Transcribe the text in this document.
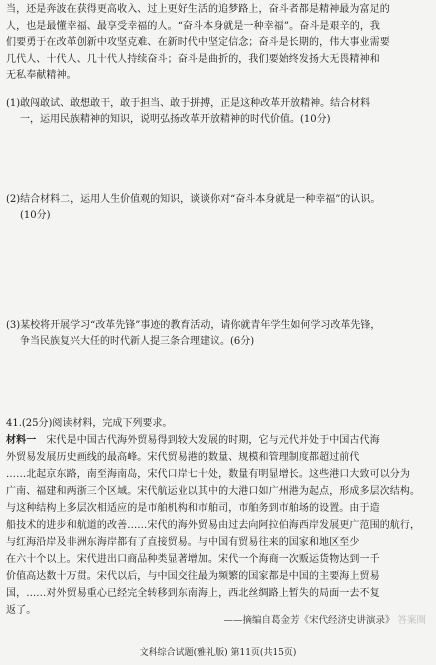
当，还是奔波在获得更高收入、过上更好生活的追梦路上，奋斗者都是精神最为富足的
人，也是最懂幸福、最享受幸福的人。“奋斗本身就是一种幸福”。奋斗是艰辛的，我
们要勇于在改革创新中攻坚克难、在新时代中坚定信念；奋斗是长期的，伟大事业需要
几代人、十代人、几十代人持续奋斗；奋斗是曲折的，我们要始终发扬大无畏精神和
无私奉献精神。
(1)敢闯敢试、敢想敢干，敢于担当、敢于拼搏，正是这种改革开放精神。结合材料
一，运用民族精神的知识，说明弘扬改革开放精神的时代价值。(10分)
(2)结合材料二，运用人生价值观的知识，谈谈你对“奋斗本身就是一种幸福”的认识。
(10分)
(3)某校将开展学习“改革先锋”事迹的教育活动，请你就青年学生如何学习改革先锋，
争当民族复兴大任的时代新人提三条合理建议。(6分)
41.(25分)阅读材料，完成下列要求。
材料一　 宋代是中国古代海外贸易得到较大发展的时期，它与元代并处于中国古代海
外贸易发展历史画线的最高峰。宋代贸易港的数量、规模和管理制度都超过前代
……北起京东路，南至海南岛，宋代口岸七十处，数量有明显增长。这些港口大致可以分为
广南、福建和两浙三个区域。宋代航运业以其中的大港口如广州港为起点，形成多层次结构。
与这种结构上多层次相适应的是市舶机构和市舶司，市舶务到市舶场的设置。由于造
船技术的进步和航道的改善……宋代的海外贸易由过去向阿拉伯海西岸发展更广范围的航行，
与红海沿岸及非洲东海岸都有了直接贸易。与中国有贸易往来的国家和地区至少
在六十个以上。宋代进出口商品种类显著增加。宋代一个海商一次贩运货物达到一千
价值高达数十万贯。宋代以后，与中国交往最为频繁的国家都是中国的主要海上贸易
国，……对外贸易重心已经完全转移到东南海上，西北丝绸路上暂失的局面一去不复
返了。
——摘编自葛金芳《宋代经济史讲演录》 答案圈
文科综合试题(雅礼版) 第11页(共15页)
